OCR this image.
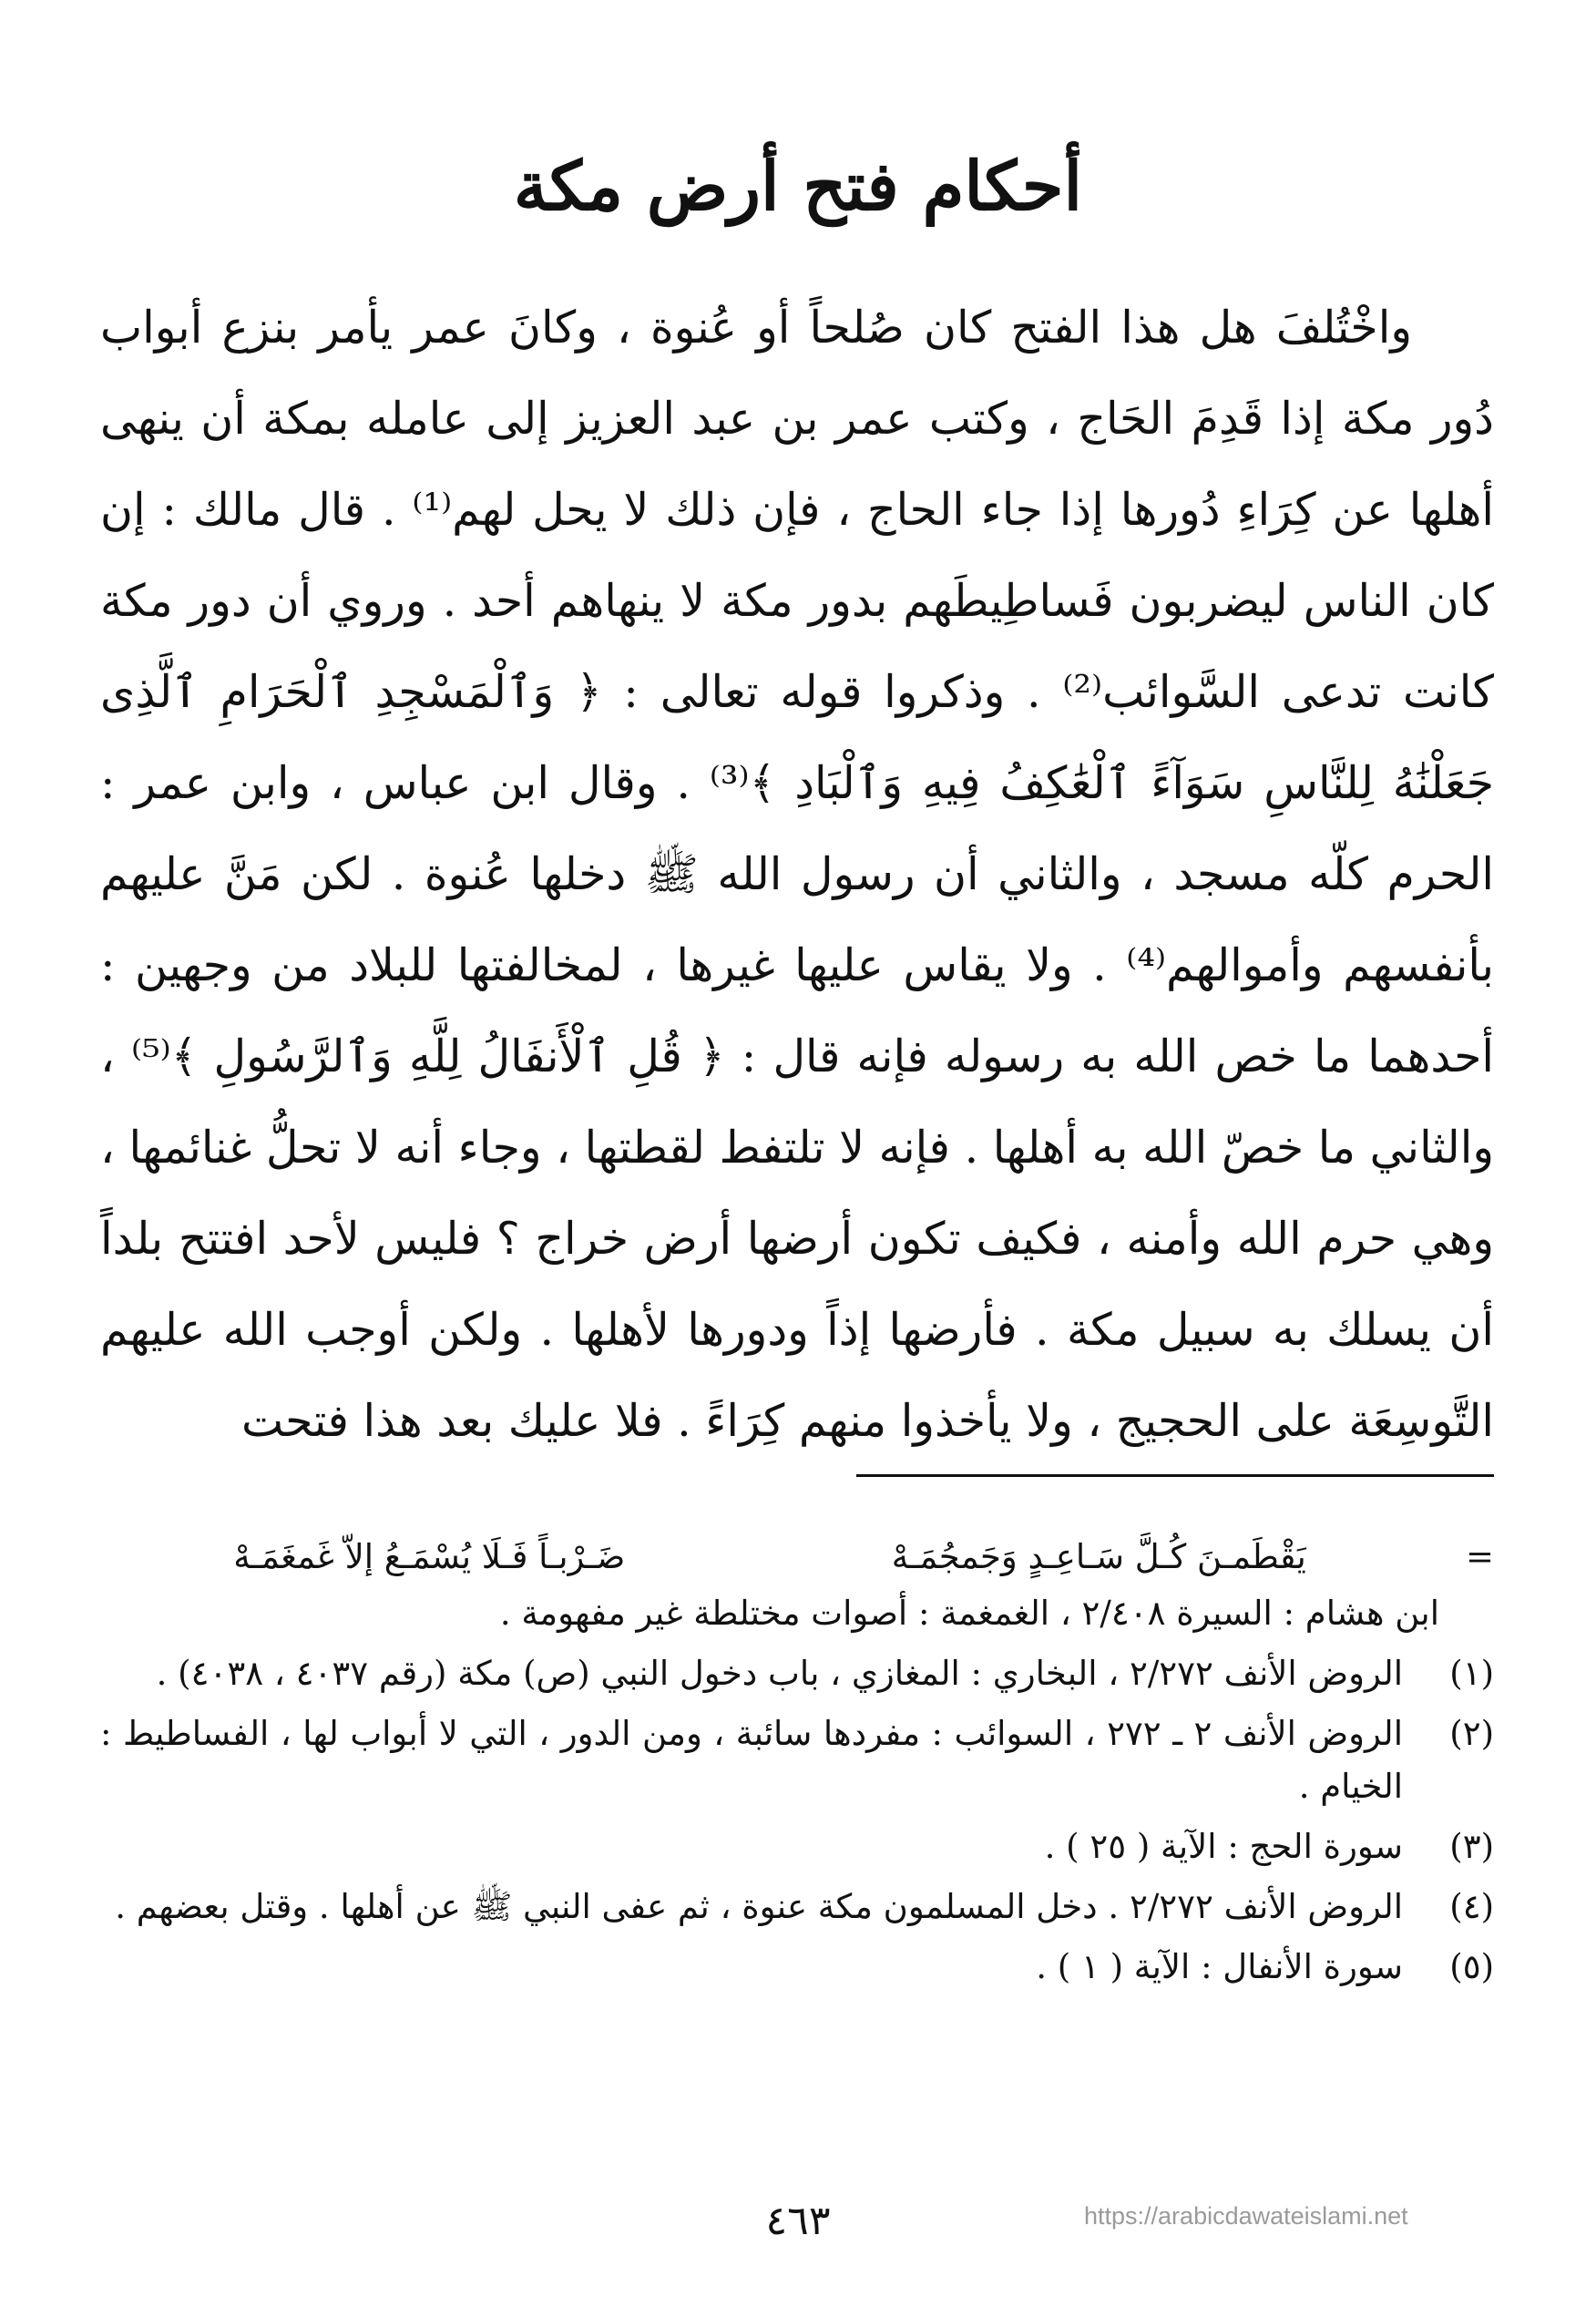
أحكام فتح أرض مكة

واخْتُلفَ هل هذا الفتح كان صُلحاً أو عُنوة ، وكانَ عمر يأمر بنزع أبواب دُور مكة إذا قَدِمَ الحَاج ، وكتب عمر بن عبد العزيز إلى عامله بمكة أن ينهى أهلها عن كِرَاءِ دُورها إذا جاء الحاج ، فإن ذلك لا يحل لهم⁽¹⁾ . قال مالك : إن كان الناس ليضربون فَساطِيطَهم بدور مكة لا ينهاهم أحد . وروي أن دور مكة كانت تدعى السَّوائب⁽²⁾ . وذكروا قوله تعالى : ﴿ وَٱلْمَسْجِدِ ٱلْحَرَامِ ٱلَّذِى جَعَلْنَٰهُ لِلنَّاسِ سَوَآءً ٱلْعَٰكِفُ فِيهِ وَٱلْبَادِ ﴾⁽³⁾ . وقال ابن عباس ، وابن عمر : الحرم كلّه مسجد ، والثاني أن رسول الله ﷺ دخلها عُنوة . لكن مَنَّ عليهم بأنفسهم وأموالهم⁽⁴⁾ . ولا يقاس عليها غيرها ، لمخالفتها للبلاد من وجهين : أحدهما ما خص الله به رسوله فإنه قال : ﴿ قُلِ ٱلْأَنفَالُ لِلَّهِ وَٱلرَّسُولِ ﴾⁽⁵⁾ ، والثاني ما خصّ الله به أهلها . فإنه لا تلتفط لقطتها ، وجاء أنه لا تحلُّ غنائمها ، وهي حرم الله وأمنه ، فكيف تكون أرضها أرض خراج ؟ فليس لأحد افتتح بلداً أن يسلك به سبيل مكة . فأرضها إذاً ودورها لأهلها . ولكن أوجب الله عليهم التَّوسِعَة على الحجيج ، ولا يأخذوا منهم كِرَاءً . فلا عليك بعد هذا فتحت

=
يَقْطَمـنَ كُـلَّ سَـاعِـدٍ وَجَمجُمَـهْ
ضَـرْبـاً فَـلَا يُسْمَـعُ إلاّ غَمغَمَـهْ
ابن هشام : السيرة ٢/٤٠٨ ، الغمغمة : أصوات مختلطة غير مفهومة .
(١)
الروض الأنف ٢/٢٧٢ ، البخاري : المغازي ، باب دخول النبي (ص) مكة (رقم ٤٠٣٧ ، ٤٠٣٨) .
(٢)
الروض الأنف ٢ ـ ٢٧٢ ، السوائب : مفردها سائبة ، ومن الدور ، التي لا أبواب لها ، الفساطيط : الخيام .
(٣)
سورة الحج : الآية ( ٢٥ ) .
(٤)
الروض الأنف ٢/٢٧٢ . دخل المسلمون مكة عنوة ، ثم عفى النبي ﷺ عن أهلها . وقتل بعضهم .
(٥)
سورة الأنفال : الآية ( ١ ) .
٤٦٣	https://arabicdawateislami.net
